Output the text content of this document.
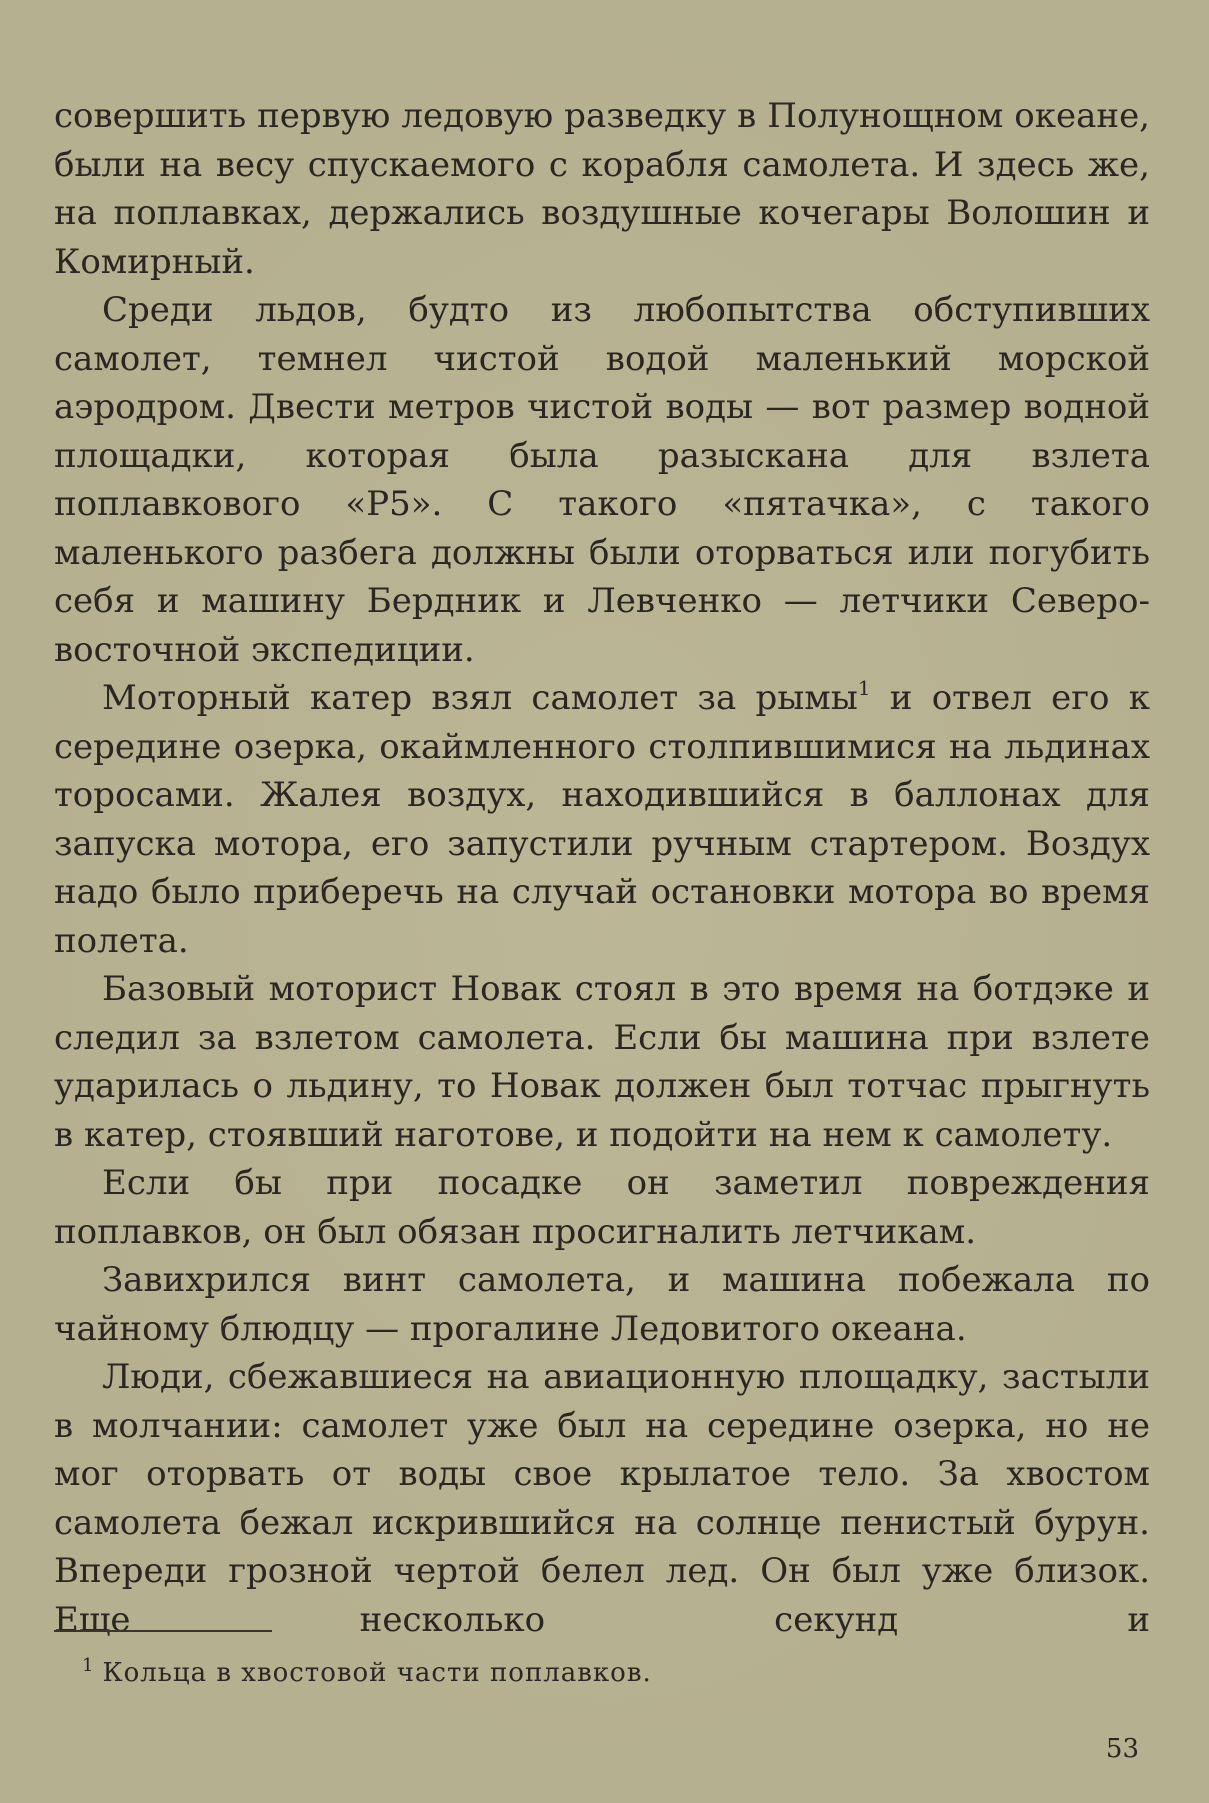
совершить первую ледовую разведку в Полунощном океане, были на весу спускаемого с корабля самолета. И здесь же, на поплавках, держались воздушные кочегары Волошин и Комирный.

Среди льдов, будто из любопытства обступивших самолет, темнел чистой водой маленький морской аэродром. Двести метров чистой воды — вот размер водной площадки, которая была разыскана для взлета поплавкового «Р5». С такого «пятачка», с такого маленького разбега должны были оторваться или погубить себя и машину Бердник и Левченко — летчики Северо-восточной экспедиции.

Моторный катер взял самолет за рымы$^1$ и отвел его к середине озерка, окаймленного столпившимися на льдинах торосами. Жалея воздух, находившийся в баллонах для запуска мотора, его запустили ручным стартером. Воздух надо было приберечь на случай остановки мотора во время полета.

Базовый моторист Новак стоял в это время на ботдэке и следил за взлетом самолета. Если бы машина при взлете ударилась о льдину, то Новак должен был тотчас прыгнуть в катер, стоявший наготове, и подойти на нем к самолету.

Если бы при посадке он заметил повреждения поплавков, он был обязан просигналить летчикам.

Завихрился винт самолета, и машина побежала по чайному блюдцу — прогалине Ледовитого океана.

Люди, сбежавшиеся на авиационную площадку, застыли в молчании: самолет уже был на середине озерка, но не мог оторвать от воды свое крылатое тело. За хвостом самолета бежал искрившийся на солнце пенистый бурун. Впереди грозной чертой белел лед. Он был уже близок. Еще несколько секунд и

$^1$ Кольца в хвостовой части поплавков.
53
